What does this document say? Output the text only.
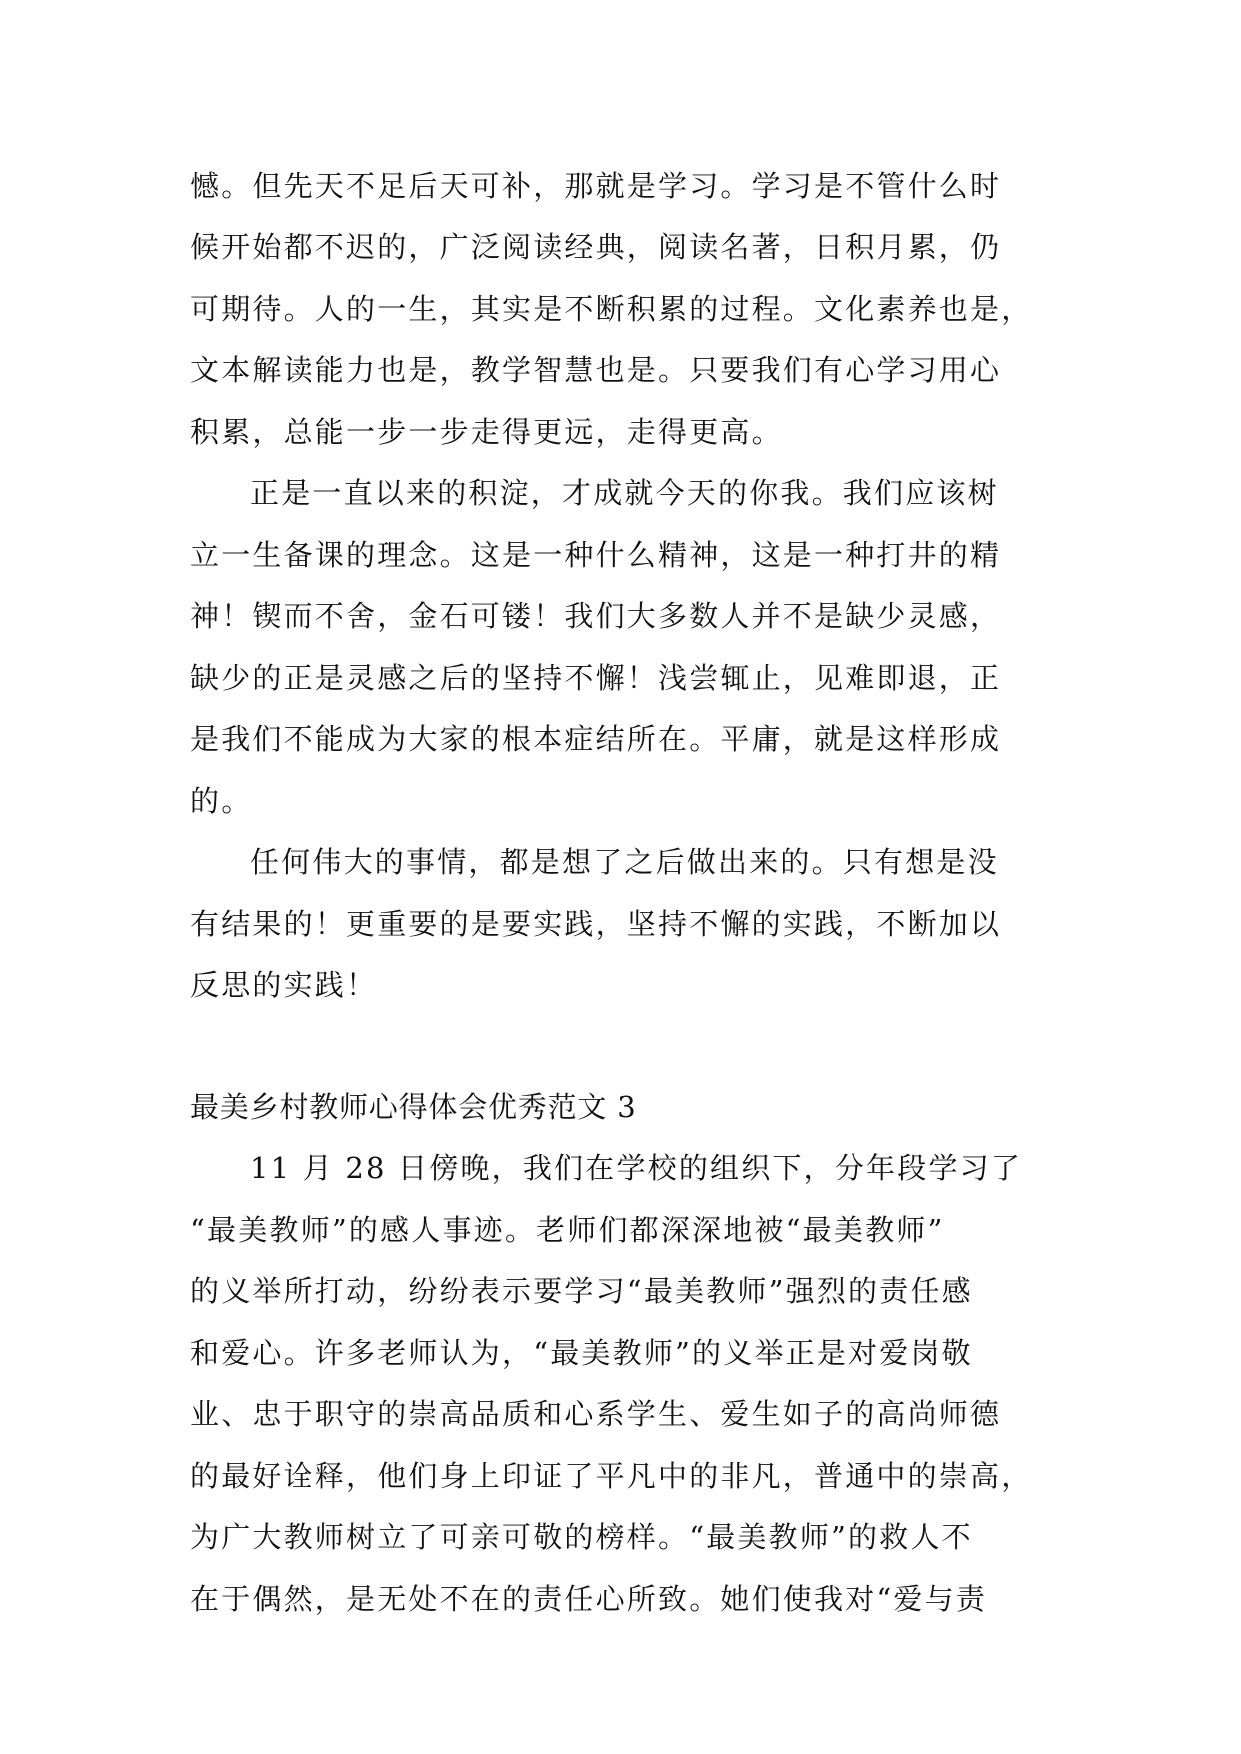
憾。但先天不足后天可补，那就是学习。学习是不管什么时
候开始都不迟的，广泛阅读经典，阅读名著，日积月累，仍
可期待。人的一生，其实是不断积累的过程。文化素养也是，
文本解读能力也是，教学智慧也是。只要我们有心学习用心
积累，总能一步一步走得更远，走得更高。
正是一直以来的积淀，才成就今天的你我。我们应该树
立一生备课的理念。这是一种什么精神，这是一种打井的精
神！锲而不舍，金石可镂！我们大多数人并不是缺少灵感，
缺少的正是灵感之后的坚持不懈！浅尝辄止，见难即退，正
是我们不能成为大家的根本症结所在。平庸，就是这样形成
的。
任何伟大的事情，都是想了之后做出来的。只有想是没
有结果的！更重要的是要实践，坚持不懈的实践，不断加以
反思的实践！
最美乡村教师心得体会优秀范文 3
11 月 28 日傍晚，我们在学校的组织下，分年段学习了
“最美教师”的感人事迹。老师们都深深地被“最美教师”
的义举所打动，纷纷表示要学习“最美教师”强烈的责任感
和爱心。许多老师认为，“最美教师”的义举正是对爱岗敬
业、忠于职守的崇高品质和心系学生、爱生如子的高尚师德
的最好诠释，他们身上印证了平凡中的非凡，普通中的崇高，
为广大教师树立了可亲可敬的榜样。“最美教师”的救人不
在于偶然，是无处不在的责任心所致。她们使我对“爱与责
